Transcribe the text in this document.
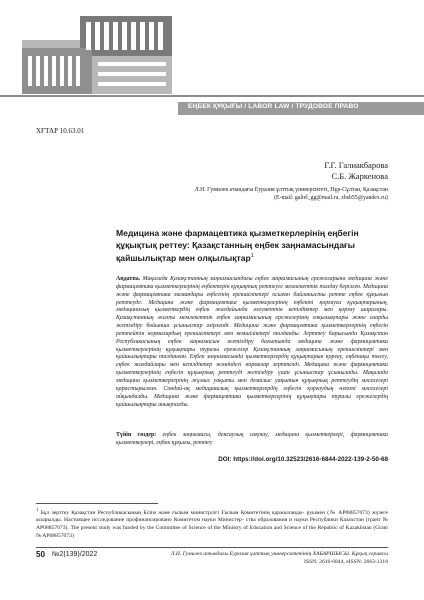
ЕҢБЕК ҚҰҚЫҒЫ / LABOR LAW / ТРУДОВОЕ ПРАВО
ХҒТАР 10.63.01
Г.Г. Галиакбарова
С.Б. Жаркенова
Л.Н. Гумилев атындағы Еуразия ұлттық университеті, Нұр-Сұлтан, Қазақстан
(E-mail: galiel_gg@mail.ru, zhsb55@yandex.ru)
Медицина және фармацевтика қызметкерлерінің еңбегін
құқықтық реттеу: Қазақстанның еңбек заңнамасындағы
қайшылықтар мен олқылықтар$^1$
Аңдатпа. Мақалада Қазақстанның заңнамасындағы еңбек заңнамасының ережеларына медицина және фармацевтика қызметкерлерінің еңбектерін құқықтық реттеуге мемлекеттік талдау берілген. Медицина және фармацевтика мамандары еңбегінің ерекшеліктері осыған байланысты ретте еңбек құқығын реттеуде. Медицина және фармацевтика қызметкерлерінің еңбекті қорғауға құқықтарының, медициналық қызметкердің еңбек жағдайында әлеуметтік кепілдіктер мен қорғау шаралары. Қазақстанның жалпы мемлекеттік еңбек заңнамасының ережелерінің олқылықтары және оларды жетілдіру бойынша ұсыныстар әзірленді. Медицина және фармацевтика қызметкерлерінің еңбегін реттейтін нормалардың ерекшеліктері мен кемшіліктері талданды. Зерттеу барысында Қазақстан Республикасының еңбек заңнамасын жетілдіру бағытында медицина және фармацевтика қызметкерлерінің құқықтары туралы ережелер Қазақстанның заңнамасының ерекшеліктері мен қайшылықтары талданған. Еңбек заңнамасында қызметкерлердің құқықтарын қорғау, еңбекақы төлеу, еңбек жағдайлары мен кепілдіктер жөніндегі нормалар зерттелді. Медицина және фармацевтика қызметкерлерінің еңбегін құқықтық реттеуді жетілдіру үшін ұсыныстар ұсынылады. Мақалада медицина қызметкерлерінің жұмыс уақыты мен демалыс уақытын құқықтық реттеудің мәселелері қарастырылған. Сондай-ақ медициналық қызметкерлердің еңбегін қорғаудың өзекті мәселелері айқындалды. Медицина және фармацевтика қызметкерлерінің құқықтары туралы ережелердің қайшылықтары анықталды.
Түйін сөздер: еңбек заңнамасы, денсаулық сақтау, медицина қызметкерлері, фармацевтика қызметкерлері, еңбек құқығы, реттеу
DOI: https://doi.org/10.32523/2616-6844-2022-139-2-50-68
$^1$ Бұл зерттеу Қазақстан Республикасының Білім және ғылым министрлігі Ғылым Комитетінің қаржыланды- руымен (№ AP08857073) жүзеге асырылды. Настоящее исследование профинансировано Комитетом науки Министер- ства образования и науки Республики Казахстан (грант № AP08857073). The present study was funded by the Committee of Science of the Ministry of Education and Science of the Republic of Kazakhstan (Grant № AP08857073)
50 №2(139)/2022	Л.Н. Гумилев атындағы Еуразия ұлттық университетінің ХАБАРШЫСЫ. Құқық сериясы
ISSN: 2616-6844, eISSN: 2663-1318
